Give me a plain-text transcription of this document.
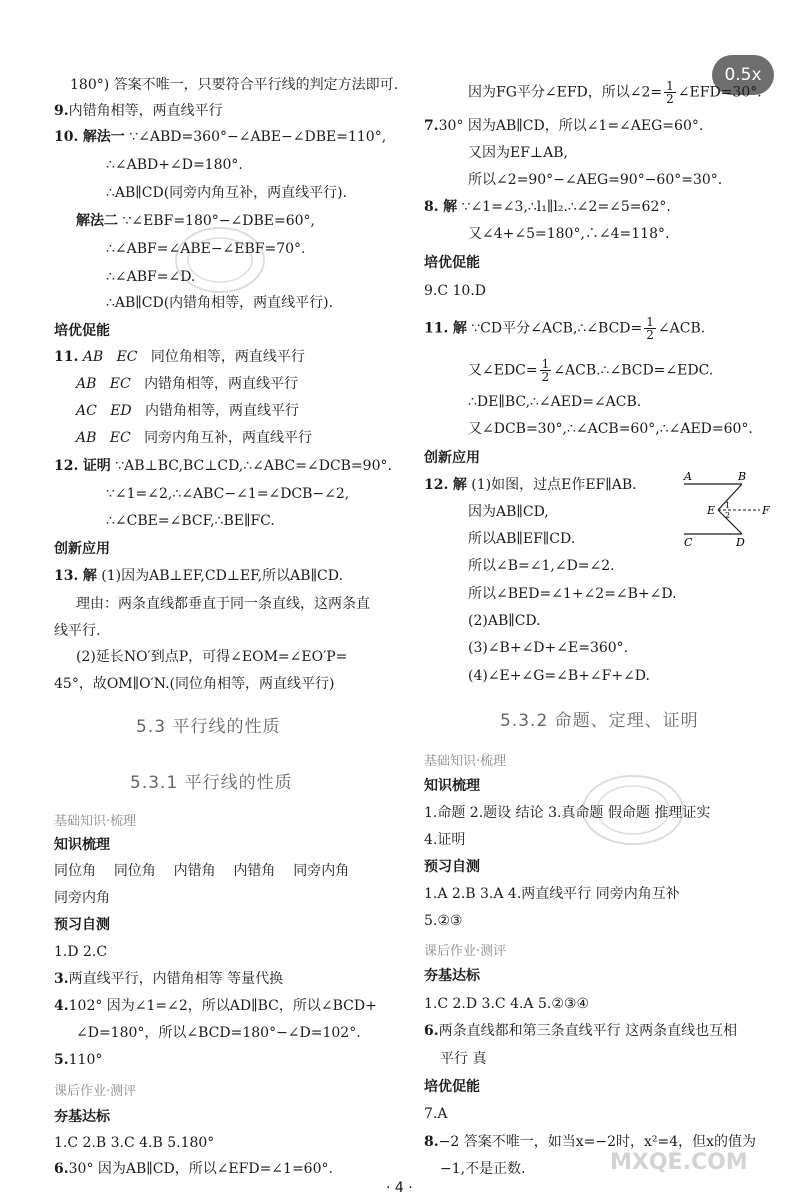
0.5x
180°) 答案不唯一，只要符合平行线的判定方法即可.
9.内错角相等，两直线平行
10. 解法一 ∵∠ABD=360°−∠ABE−∠DBE=110°,
∴∠ABD+∠D=180°.
∴AB∥CD(同旁内角互补，两直线平行).
解法二 ∵∠EBF=180°−∠DBE=60°,
∴∠ABF=∠ABE−∠EBF=70°.
∴∠ABF=∠D.
∴AB∥CD(内错角相等，两直线平行).
培优促能
11. AB EC 同位角相等，两直线平行
AB EC 内错角相等，两直线平行
AC ED 内错角相等，两直线平行
AB EC 同旁内角互补，两直线平行
12. 证明 ∵AB⊥BC,BC⊥CD,∴∠ABC=∠DCB=90°.
∵∠1=∠2,∴∠ABC−∠1=∠DCB−∠2,
∴∠CBE=∠BCF,∴BE∥FC.
创新应用
13. 解 (1)因为AB⊥EF,CD⊥EF,所以AB∥CD.
理由：两条直线都垂直于同一条直线，这两条直
线平行.
(2)延长NO′到点P，可得∠EOM=∠EO′P=
45°，故OM∥O′N.(同位角相等，两直线平行)
5.3 平行线的性质
5.3.1 平行线的性质
基础知识·梳理
知识梳理
同位角 同位角 内错角 内错角 同旁内角
同旁内角
预习自测
1.D 2.C
3.两直线平行，内错角相等 等量代换
4.102° 因为∠1=∠2，所以AD∥BC，所以∠BCD+
∠D=180°，所以∠BCD=180°−∠D=102°.
5.110°
课后作业·测评
夯基达标
1.C 2.B 3.C 4.B 5.180°
6.30° 因为AB∥CD，所以∠EFD=∠1=60°.
因为FG平分∠EFD，所以∠2= $\frac{1}{2}$ ∠EFD=30°.
7.30° 因为AB∥CD，所以∠1=∠AEG=60°.
又因为EF⊥AB,
所以∠2=90°−∠AEG=90°−60°=30°.
8. 解 ∵∠1=∠3,∴l₁∥l₂.∴∠2=∠5=62°.
又∠4+∠5=180°,∴∠4=118°.
培优促能
9.C 10.D
11. 解 ∵CD平分∠ACB,∴∠BCD= $\frac{1}{2}$ ∠ACB.
又∠EDC= $\frac{1}{2}$ ∠ACB.∴∠BCD=∠EDC.
∴DE∥BC,∴∠AED=∠ACB.
又∠DCB=30°,∴∠ACB=60°,∴∠AED=60°.
创新应用
12. 解 (1)如图，过点E作EF∥AB.
因为AB∥CD,
所以AB∥EF∥CD.
所以∠B=∠1,∠D=∠2.
所以∠BED=∠1+∠2=∠B+∠D.
(2)AB∥CD.
(3)∠B+∠D+∠E=360°.
(4)∠E+∠G=∠B+∠F+∠D.
5.3.2 命题、定理、证明
基础知识·梳理
知识梳理
1.命题 2.题设 结论 3.真命题 假命题 推理证实
4.证明
预习自测
1.A 2.B 3.A 4.两直线平行 同旁内角互补
5.②③
课后作业·测评
夯基达标
1.C 2.D 3.C 4.A 5.②③④
6.两条直线都和第三条直线平行 这两条直线也互相
平行 真
培优促能
7.A
8.−2 答案不唯一，如当x=−2时，x²=4，但x的值为
−1,不是正数.
A	B
C	D
E	F
1
2
MXQE.COM
· 4 ·
